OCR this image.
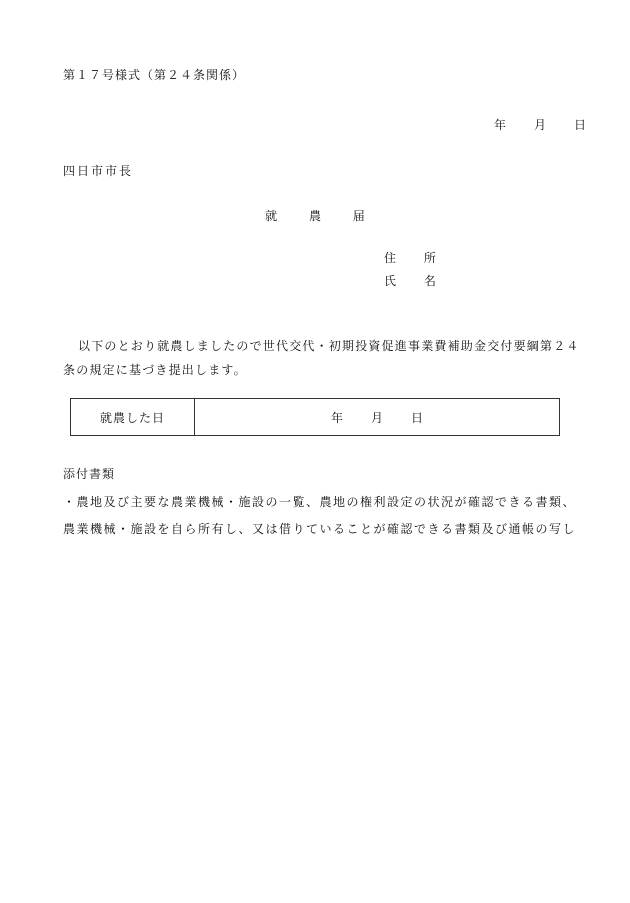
第１７号様式（第２４条関係）
年 月 日
四日市市長
就 農 届
住 所
氏 名
以下のとおり就農しましたので世代交代・初期投資促進事業費補助金交付要綱第２４条の規定に基づき提出します。
就農した日	年 月 日
添付書類
・農地及び主要な農業機械・施設の一覧、農地の権利設定の状況が確認できる書類、
農業機械・施設を自ら所有し、又は借りていることが確認できる書類及び通帳の写し
